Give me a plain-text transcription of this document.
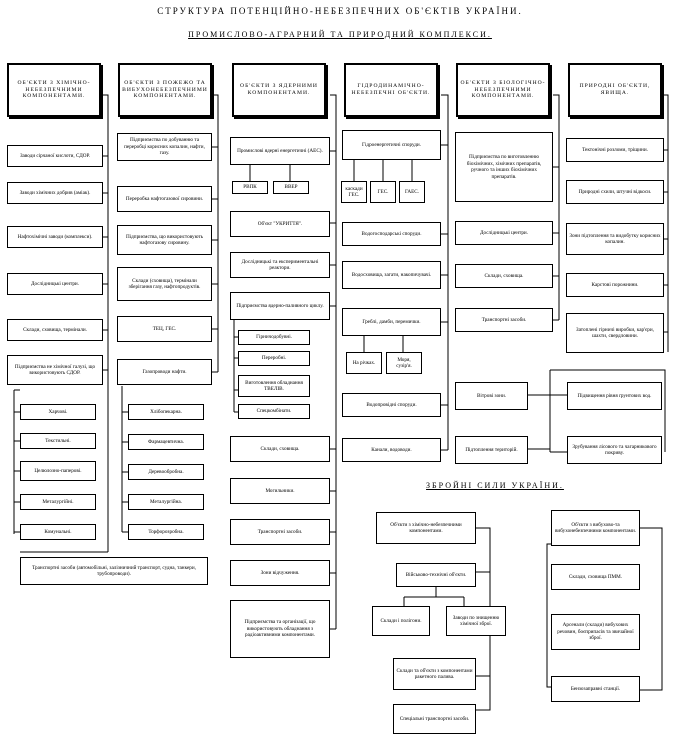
СТРУКТУРА ПОТЕНЦІЙНО-НЕБЕЗПЕЧНИХ ОБ'ЄКТІВ УКРАЇНИ.
ПРОМИСЛОВО-АГРАРНИЙ ТА ПРИРОДНИЙ КОМПЛЕКСИ.
ЗБРОЙНІ СИЛИ УКРАЇНИ.
ОБ'ЄКТИ З ХІМІЧНО-НЕБЕЗПЕЧНИМИ КОМПОНЕНТАМИ.
Заводи сірчаної кислоти, СДОР.
Заводи хімічних добрив (аміак).
Нафтохімічні заводи (комплекси).
Дослідницькі центри.
Склади, сховища, термінали.
Підприємства не хімічної галузі, що використовують СДОР.
Харчові.
Текстильні.
Целюлозно-паперові.
Металургійні.
Комунальні.
Транспортні засоби (автомобільні, залізничний транспорт, судна, танкери, трубопроводи).
ОБ'ЄКТИ З ПОЖЕЖО ТА ВИБУХОНЕБЕЗПЕЧНИМИ КОМПОНЕНТАМИ.
Підприємства по добуванню та переробці корисних копалин, нафти, газу.
Переробка нафтогазової сировини.
Підприємства, що використовують нафтогазову сировину.
Склади (сховища), термінали зберігання газу, нафтопродуктів.
ТЕЦ, ГЕС.
Газопроводи нафти.
Хлібопекарна.
Фармацевтична.
Деревообробна.
Металургійна.
Торфорозробна.
ОБ'ЄКТИ З ЯДЕРНИМИ КОМПОНЕНТАМИ.
Промислові ядерні енергетичні (АЕС).
РВПК	ВВЕР
Об'єкт "УКРИТТЯ".
Дослідницькі та експериментальні реактори.
Підприємства ядерно-паливного циклу.
Гірничодобувні.
Переробні.
Виготовлення обладнання ТВЕЛІВ.
Спецкомбінати.
Склади, сховища.
Могильники.
Транспортні засоби.
Зони відчуження.
Підприємства та організації, що використовують обладнання з радіоактивними компонентами.
ГІДРОДИНАМІЧНО-НЕБЕЗПЕЧНІ ОБ'ЄКТИ.
Гідроенергетичні споруди.
каскади ГЕС.
ГЕС.	ГАЕС.
Водогосподарські споруди.
Водосховища, загати, накопичувачі.
Греблі, дамби, перемички.
На річках.
Моря, сузір'я.
Водопровідні споруди.
Канали, водоводи.
ОБ'ЄКТИ З БІОЛОГІЧНО-НЕБЕЗПЕЧНИМИ КОМПОНЕНТАМИ.
Підприємства по виготовленню біохімічних, хімічних препаратів, ручного та інших біохімічних препаратів.
Дослідницькі центри.
Склади, сховища.
Транспортні засоби.
ПРИРОДНІ ОБ'ЄКТИ, ЯВИЩА.
Тектонічні розломи, тріщини.
Природні схили, штучні відкоси.
Зони підтоплення та видобутку корисних копалин.
Карстові порожнини.
Затоплені гірничі виробки, кар'єри, шахти, свердловини.
Вітрові зони.
Підтоплення територій.
Підвищення рівня ґрунтових вод.
Зрубування лісового та чагарникового покриву.
Об'єкти з хімічно-небезпечними компонентами.
Військово-технічні об'єкти.
Склади і полігони.
Заводи по знищенню хімічної зброї.
Склади та об'єкти з компонентами ракетного палива.
Спеціальні транспортні засоби.
Об'єкти з вибухово-та вибухонебезпечними компонентами.
Склади, сховища ПММ.
Арсенали (склади) вибухових речовин, боєприпасів та звичайної зброї.
Бензозаправні станції.
